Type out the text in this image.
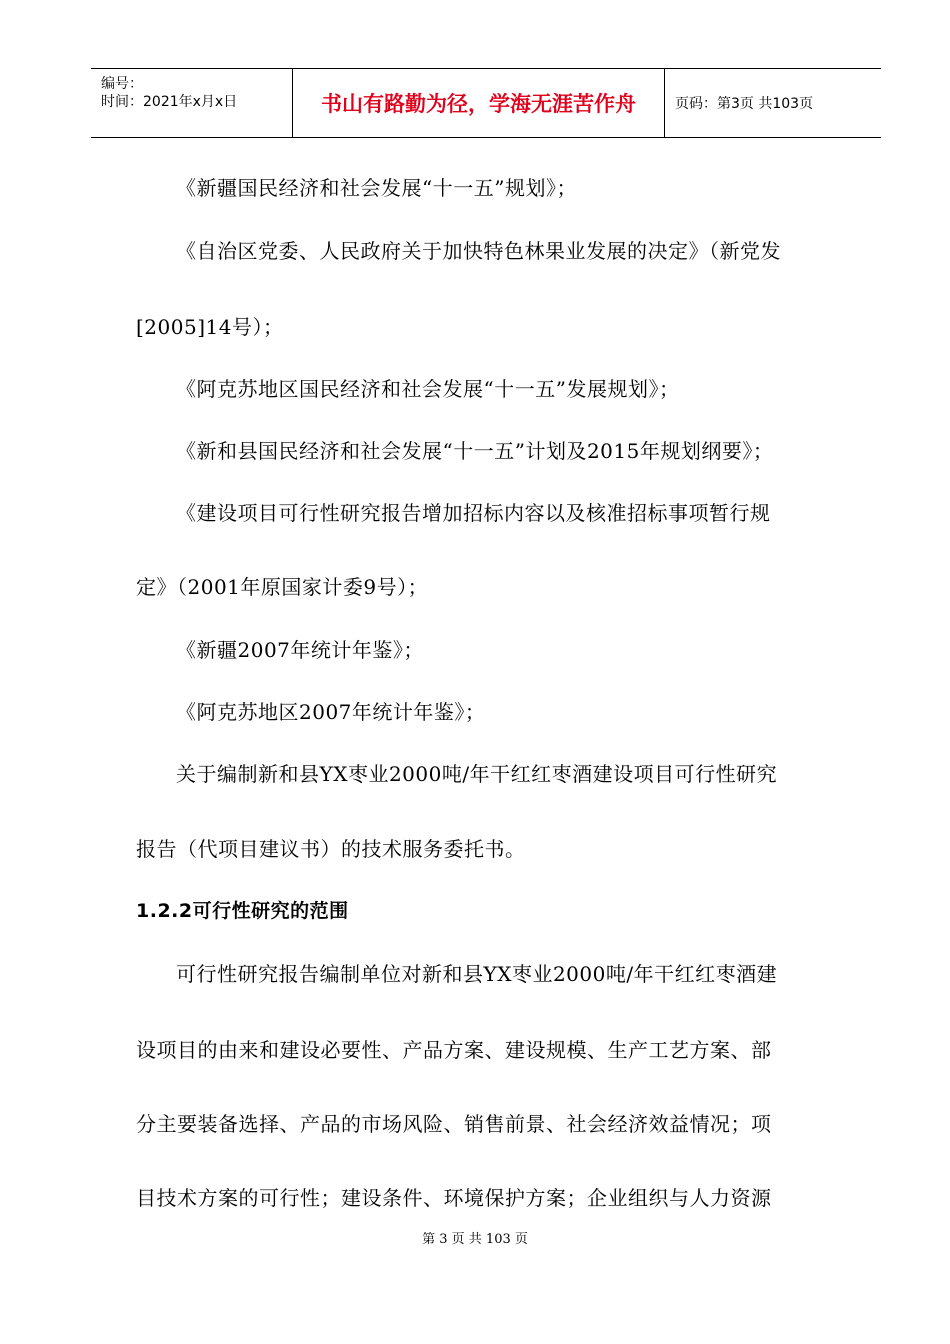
编号：
时间：2021年x月x日	书山有路勤为径，学海无涯苦作舟	页码：第3页 共103页
《新疆国民经济和社会发展“十一五”规划》；
《自治区党委、人民政府关于加快特色林果业发展的决定》（新党发
[2005]14号）；
《阿克苏地区国民经济和社会发展“十一五”发展规划》；
《新和县国民经济和社会发展“十一五”计划及2015年规划纲要》；
《建设项目可行性研究报告增加招标内容以及核准招标事项暂行规
定》（2001年原国家计委9号）；
《新疆2007年统计年鉴》；
《阿克苏地区2007年统计年鉴》；
关于编制新和县YX枣业2000吨/年干红红枣酒建设项目可行性研究
报告（代项目建议书）的技术服务委托书。
1.2.2可行性研究的范围
可行性研究报告编制单位对新和县YX枣业2000吨/年干红红枣酒建
设项目的由来和建设必要性、产品方案、建设规模、生产工艺方案、部
分主要装备选择、产品的市场风险、销售前景、社会经济效益情况；项
目技术方案的可行性；建设条件、环境保护方案；企业组织与人力资源
第 3 页 共 103 页
